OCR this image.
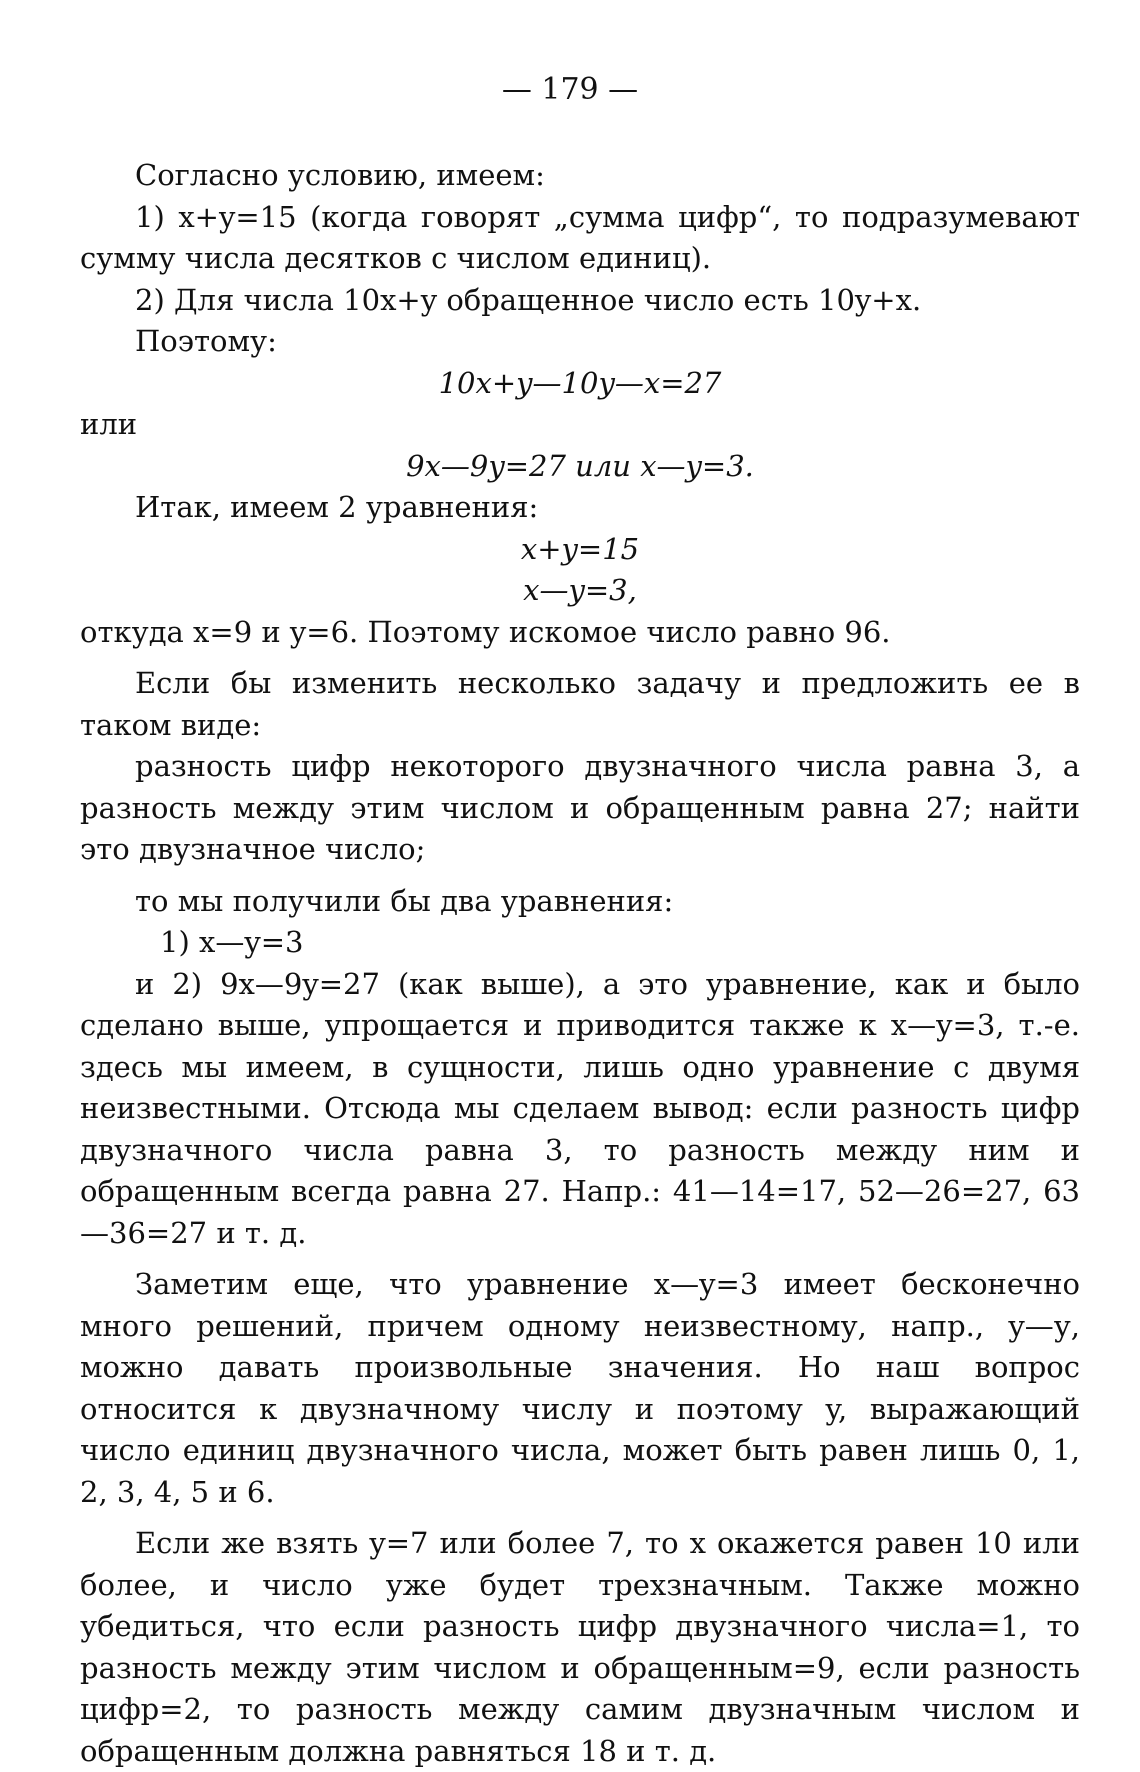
— 179 —

Согласно условию, имеем:

1) x+y=15 (когда говорят „сумма цифр“, то подразумевают сумму числа десятков с числом единиц).

2) Для числа 10x+y обращенное число есть 10y+x.

Поэтому:

10x+y—10y—x=27

или

9x—9y=27 или x—y=3.

Итак, имеем 2 уравнения:

x+y=15

x—y=3,

откуда x=9 и y=6. Поэтому искомое число равно 96.

Если бы изменить несколько задачу и предложить ее в таком виде:

разность цифр некоторого двузначного числа равна 3, а разность между этим числом и обращенным равна 27; найти это двузначное число;

то мы получили бы два уравнения:

1) x—y=3

и 2) 9x—9y=27 (как выше), а это уравнение, как и было сделано выше, упрощается и приводится также к x—y=3, т.-е. здесь мы имеем, в сущности, лишь одно уравнение с двумя неизвестными. Отсюда мы сделаем вывод: если разность цифр двузначного числа равна 3, то разность между ним и обращенным всегда равна 27. Напр.: 41—14=17, 52—26=27, 63—36=27 и т. д.

Заметим еще, что уравнение x—y=3 имеет бесконечно много решений, причем одному неизвестному, напр., y—у, можно давать произвольные значения. Но наш вопрос относится к двузначному числу и поэтому y, выражающий число единиц двузначного числа, может быть равен лишь 0, 1, 2, 3, 4, 5 и 6.

Если же взять y=7 или более 7, то x окажется равен 10 или более, и число уже будет трехзначным. Также можно убедиться, что если разность цифр двузначного числа=1, то разность между этим числом и обращенным=9, если разность цифр=2, то разность между самим двузначным числом и обращенным должна равняться 18 и т. д.
